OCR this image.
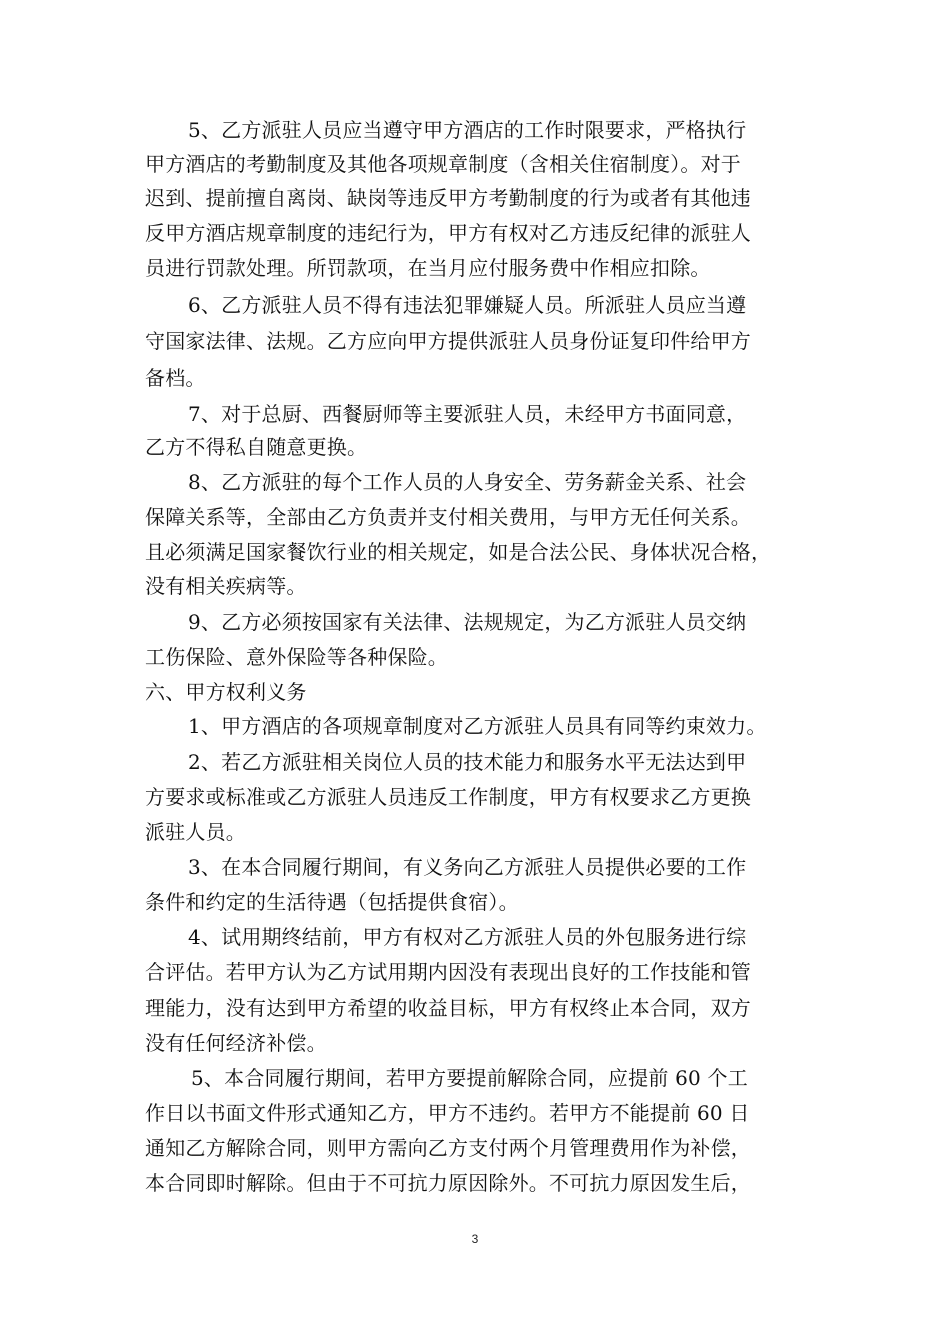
5、乙方派驻人员应当遵守甲方酒店的工作时限要求，严格执行
甲方酒店的考勤制度及其他各项规章制度（含相关住宿制度）。对于
迟到、提前擅自离岗、缺岗等违反甲方考勤制度的行为或者有其他违
反甲方酒店规章制度的违纪行为，甲方有权对乙方违反纪律的派驻人
员进行罚款处理。所罚款项，在当月应付服务费中作相应扣除。
6、乙方派驻人员不得有违法犯罪嫌疑人员。所派驻人员应当遵
守国家法律、法规。乙方应向甲方提供派驻人员身份证复印件给甲方
备档。
7、对于总厨、西餐厨师等主要派驻人员，未经甲方书面同意，
乙方不得私自随意更换。
8、乙方派驻的每个工作人员的人身安全、劳务薪金关系、社会
保障关系等，全部由乙方负责并支付相关费用，与甲方无任何关系。
且必须满足国家餐饮行业的相关规定，如是合法公民、身体状况合格，
没有相关疾病等。
9、乙方必须按国家有关法律、法规规定，为乙方派驻人员交纳
工伤保险、意外保险等各种保险。
六、甲方权利义务
1、甲方酒店的各项规章制度对乙方派驻人员具有同等约束效力。
2、若乙方派驻相关岗位人员的技术能力和服务水平无法达到甲
方要求或标准或乙方派驻人员违反工作制度，甲方有权要求乙方更换
派驻人员。
3、在本合同履行期间，有义务向乙方派驻人员提供必要的工作
条件和约定的生活待遇（包括提供食宿）。
4、试用期终结前，甲方有权对乙方派驻人员的外包服务进行综
合评估。若甲方认为乙方试用期内因没有表现出良好的工作技能和管
理能力，没有达到甲方希望的收益目标，甲方有权终止本合同，双方
没有任何经济补偿。
5、本合同履行期间，若甲方要提前解除合同，应提前 60 个工
作日以书面文件形式通知乙方，甲方不违约。若甲方不能提前 60 日
通知乙方解除合同，则甲方需向乙方支付两个月管理费用作为补偿，
本合同即时解除。但由于不可抗力原因除外。不可抗力原因发生后，
3
